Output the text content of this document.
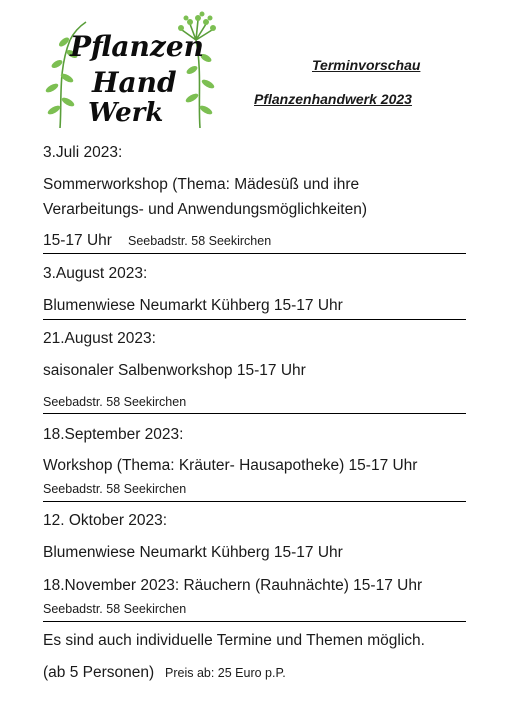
Pflanzen
Hand
Werk
Terminvorschau
Pflanzenhandwerk 2023
3.Juli 2023:
Sommerworkshop (Thema: Mädesüß und ihre
Verarbeitungs- und Anwendungsmöglichkeiten)
15-17 Uhr Seebadstr. 58 Seekirchen
3.August 2023:
Blumenwiese Neumarkt Kühberg 15-17 Uhr
21.August 2023:
saisonaler Salbenworkshop 15-17 Uhr
Seebadstr. 58 Seekirchen
18.September 2023:
Workshop (Thema: Kräuter- Hausapotheke) 15-17 Uhr
Seebadstr. 58 Seekirchen
12. Oktober 2023:
Blumenwiese Neumarkt Kühberg 15-17 Uhr
18.November 2023: Räuchern (Rauhnächte) 15-17 Uhr
Seebadstr. 58 Seekirchen
Es sind auch individuelle Termine und Themen möglich.
(ab 5 Personen) Preis ab: 25 Euro p.P.
